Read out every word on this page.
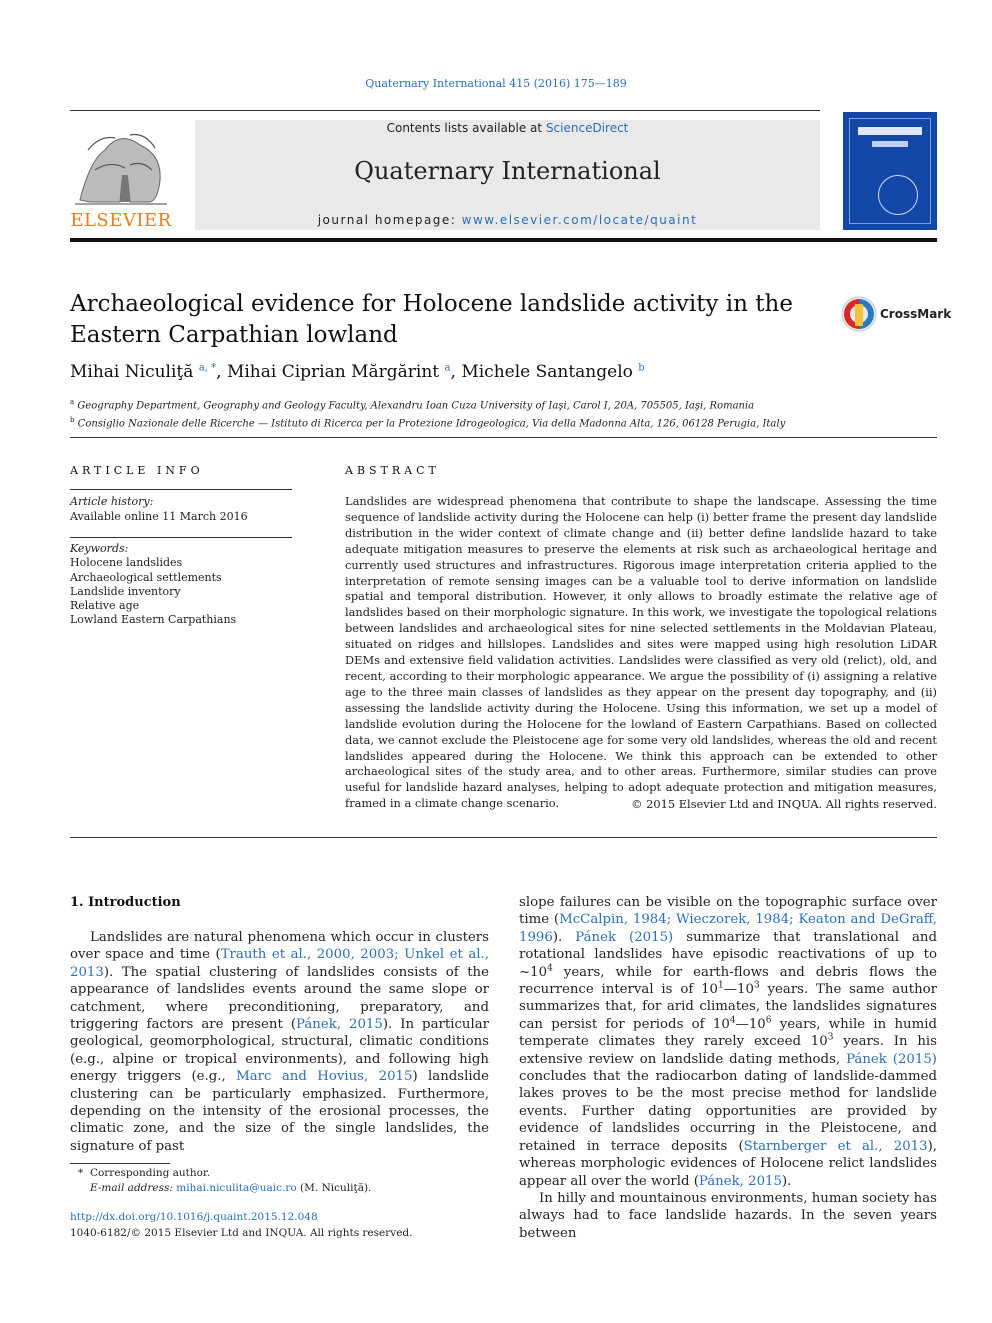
Quaternary International 415 (2016) 175—189
ELSEVIER
Contents lists available at ScienceDirect
Quaternary International
journal homepage: www.elsevier.com/locate/quaint
Archaeological evidence for Holocene landslide activity in the Eastern Carpathian lowland
CrossMark
Mihai Niculiţă $^{a, *}$, Mihai Ciprian Mărgărint $^a$, Michele Santangelo $^b$
$^a$ Geography Department, Geography and Geology Faculty, Alexandru Ioan Cuza University of Iaşi, Carol I, 20A, 705505, Iaşi, Romania
$^b$ Consiglio Nazionale delle Ricerche — Istituto di Ricerca per la Protezione Idrogeologica, Via della Madonna Alta, 126, 06128 Perugia, Italy
ARTICLE INFO
Article history:
Available online 11 March 2016
Keywords:
Holocene landslides
Archaeological settlements
Landslide inventory
Relative age
Lowland Eastern Carpathians
ABSTRACT
Landslides are widespread phenomena that contribute to shape the landscape. Assessing the time sequence of landslide activity during the Holocene can help (i) better frame the present day landslide distribution in the wider context of climate change and (ii) better define landslide hazard to take adequate mitigation measures to preserve the elements at risk such as archaeological heritage and currently used structures and infrastructures. Rigorous image interpretation criteria applied to the interpretation of remote sensing images can be a valuable tool to derive information on landslide spatial and temporal distribution. However, it only allows to broadly estimate the relative age of landslides based on their morphologic signature. In this work, we investigate the topological relations between landslides and archaeological sites for nine selected settlements in the Moldavian Plateau, situated on ridges and hillslopes. Landslides and sites were mapped using high resolution LiDAR DEMs and extensive field validation activities. Landslides were classified as very old (relict), old, and recent, according to their morphologic appearance. We argue the possibility of (i) assigning a relative age to the three main classes of landslides as they appear on the present day topography, and (ii) assessing the landslide activity during the Holocene. Using this information, we set up a model of landslide evolution during the Holocene for the lowland of Eastern Carpathians. Based on collected data, we cannot exclude the Pleistocene age for some very old landslides, whereas the old and recent landslides appeared during the Holocene. We think this approach can be extended to other archaeological sites of the study area, and to other areas. Furthermore, similar studies can prove useful for landslide hazard analyses, helping to adopt adequate protection and mitigation measures, framed in a climate change scenario.	© 2015 Elsevier Ltd and INQUA. All rights reserved.
1. Introduction

Landslides are natural phenomena which occur in clusters over space and time (Trauth et al., 2000, 2003; Unkel et al., 2013). The spatial clustering of landslides consists of the appearance of landslides events around the same slope or catchment, where preconditioning, preparatory, and triggering factors are present (Pánek, 2015). In particular geological, geomorphological, structural, climatic conditions (e.g., alpine or tropical environments), and following high energy triggers (e.g., Marc and Hovius, 2015) landslide clustering can be particularly emphasized. Furthermore, depending on the intensity of the erosional processes, the climatic zone, and the size of the single landslides, the signature of past

slope failures can be visible on the topographic surface over time (McCalpin, 1984; Wieczorek, 1984; Keaton and DeGraff, 1996). Pánek (2015) summarize that translational and rotational landslides have episodic reactivations of up to $\sim 10^4$ years, while for earth-flows and debris flows the recurrence interval is of $10^1—10^3$ years. The same author summarizes that, for arid climates, the landslides signatures can persist for periods of $10^4—10^6$ years, while in humid temperate climates they rarely exceed $10^3$ years. In his extensive review on landslide dating methods, Pánek (2015) concludes that the radiocarbon dating of landslide-dammed lakes proves to be the most precise method for landslide events. Further dating opportunities are provided by evidence of landslides occurring in the Pleistocene, and retained in terrace deposits (Starnberger et al., 2013), whereas morphologic evidences of Holocene relict landslides appear all over the world (Pánek, 2015).

In hilly and mountainous environments, human society has always had to face landslide hazards. In the seven years between

* Corresponding author.
E-mail address: mihai.niculita@uaic.ro (M. Niculiţă).
http://dx.doi.org/10.1016/j.quaint.2015.12.048
1040-6182/© 2015 Elsevier Ltd and INQUA. All rights reserved.
